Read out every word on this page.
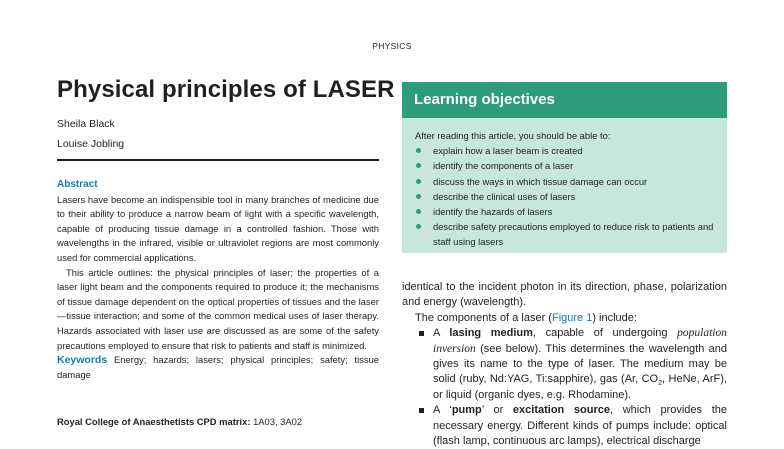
PHYSICS
Physical principles of LASER
Sheila Black
Louise Jobling
Abstract

Lasers have become an indispensible tool in many branches of medicine due to their ability to produce a narrow beam of light with a specific wavelength, capable of producing tissue damage in a controlled fashion. Those with wavelengths in the infrared, visible or ultraviolet regions are most commonly used for commercial applications.

This article outlines: the physical principles of laser; the properties of a laser light beam and the components required to produce it; the mechanisms of tissue damage dependent on the optical properties of tissues and the laser—tissue interaction; and some of the common medical uses of laser therapy. Hazards associated with laser use are discussed as are some of the safety precautions employed to ensure that risk to patients and staff is minimized.

Keywords Energy; hazards; lasers; physical principles; safety; tissue damage

Royal College of Anaesthetists CPD matrix: 1A03, 3A02
Learning objectives
After reading this article, you should be able to:
explain how a laser beam is created
identify the components of a laser
discuss the ways in which tissue damage can occur
describe the clinical uses of lasers
identify the hazards of lasers
describe safety precautions employed to reduce risk to patients and staff using lasers

identical to the incident photon in its direction, phase, polarization and energy (wavelength).

The components of a laser (Figure 1) include:

A lasing medium, capable of undergoing population inversion (see below). This determines the wavelength and gives its name to the type of laser. The medium may be solid (ruby, Nd:YAG, Ti:sapphire), gas (Ar, $CO_2$, HeNe, ArF), or liquid (organic dyes, e.g. Rhodamine).
A ‘pump’ or excitation source, which provides the necessary energy. Different kinds of pumps include: optical (flash lamp, continuous arc lamps), electrical discharge
